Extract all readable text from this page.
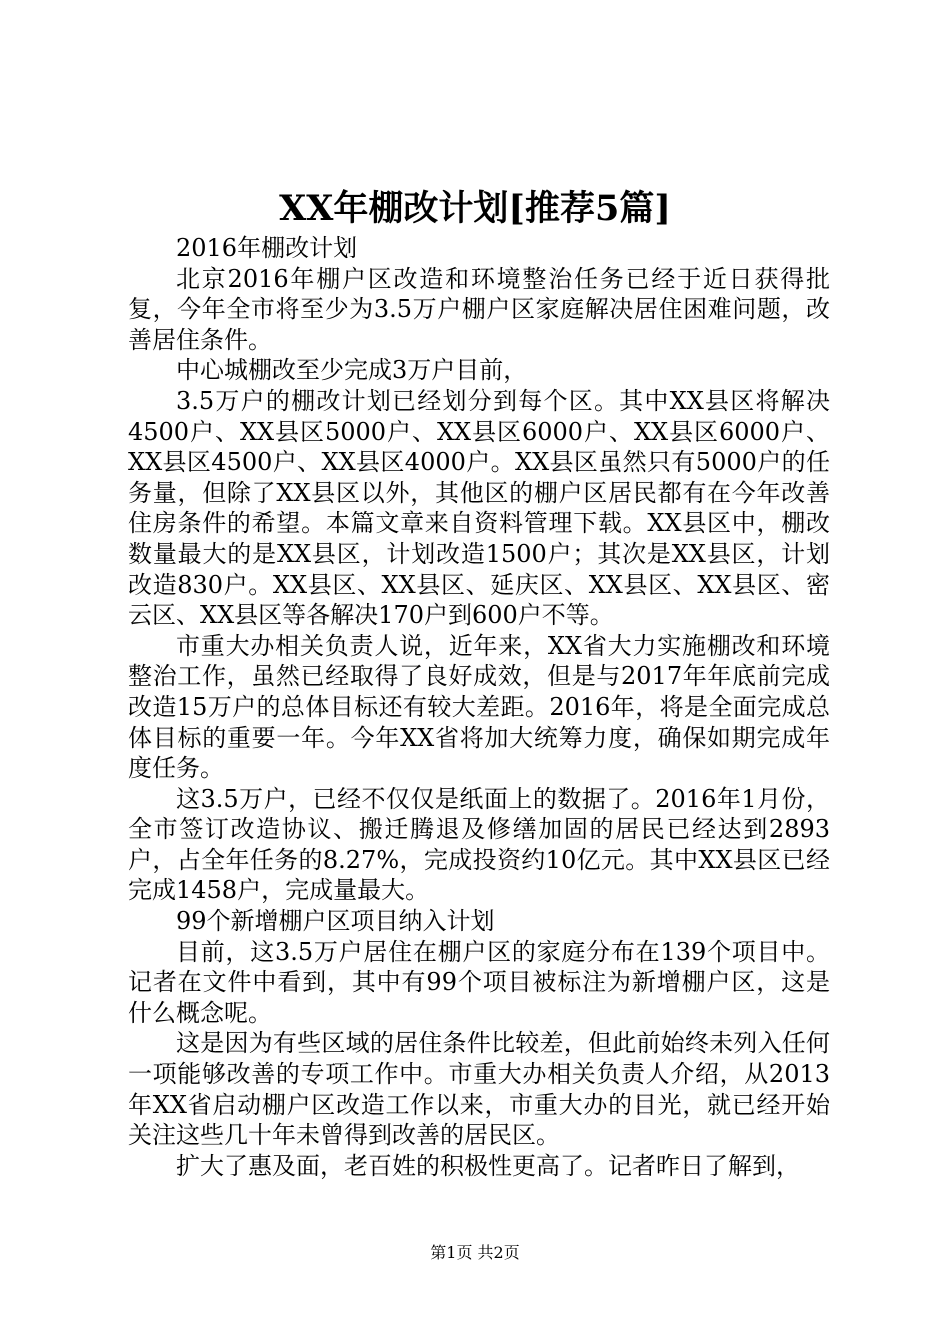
XX年棚改计划[推荐5篇]

2016年棚改计划

北京2016年棚户区改造和环境整治任务已经于近日获得批复，今年全市将至少为3.5万户棚户区家庭解决居住困难问题，改善居住条件。

中心城棚改至少完成3万户目前，

3.5万户的棚改计划已经划分到每个区。其中XX县区将解决4500户、XX县区5000户、XX县区6000户、XX县区6000户、XX县区4500户、XX县区4000户。XX县区虽然只有5000户的任务量，但除了XX县区以外，其他区的棚户区居民都有在今年改善住房条件的希望。本篇文章来自资料管理下载。XX县区中，棚改数量最大的是XX县区，计划改造1500户；其次是XX县区，计划改造830户。XX县区、XX县区、延庆区、XX县区、XX县区、密云区、XX县区等各解决170户到600户不等。

市重大办相关负责人说，近年来，XX省大力实施棚改和环境整治工作，虽然已经取得了良好成效，但是与2017年年底前完成改造15万户的总体目标还有较大差距。2016年，将是全面完成总体目标的重要一年。今年XX省将加大统筹力度，确保如期完成年度任务。

这3.5万户，已经不仅仅是纸面上的数据了。2016年1月份，全市签订改造协议、搬迁腾退及修缮加固的居民已经达到2893户，占全年任务的8.27%，完成投资约10亿元。其中XX县区已经完成1458户，完成量最大。

99个新增棚户区项目纳入计划

目前，这3.5万户居住在棚户区的家庭分布在139个项目中。记者在文件中看到，其中有99个项目被标注为新增棚户区，这是什么概念呢。

这是因为有些区域的居住条件比较差，但此前始终未列入任何一项能够改善的专项工作中。市重大办相关负责人介绍，从2013年XX省启动棚户区改造工作以来，市重大办的目光，就已经开始关注这些几十年未曾得到改善的居民区。

扩大了惠及面，老百姓的积极性更高了。记者昨日了解到，

第1页 共2页
